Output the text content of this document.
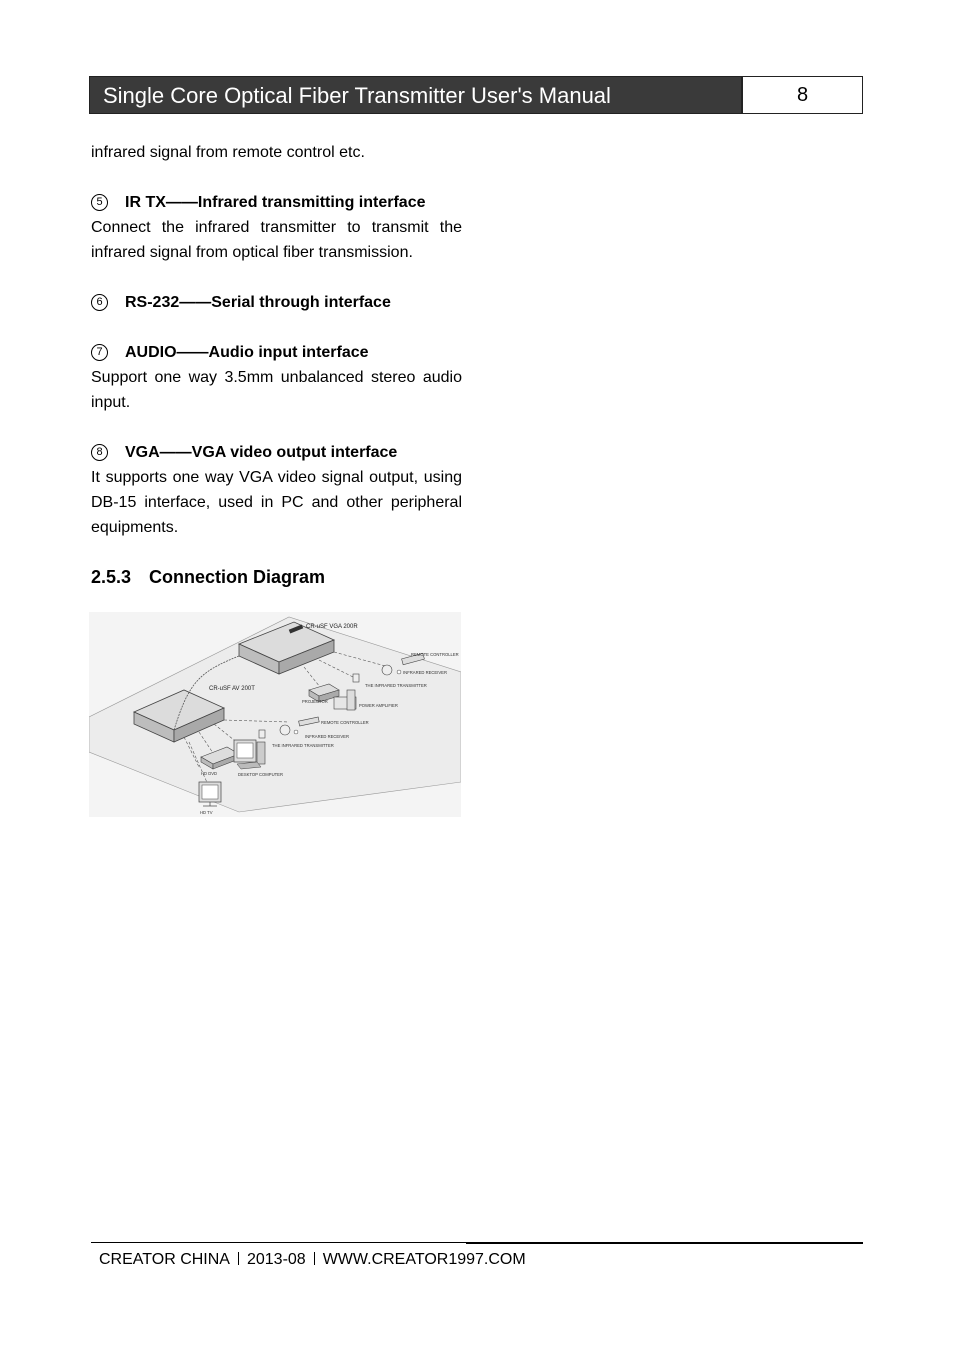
Single Core Optical Fiber Transmitter User's Manual	8

infrared signal from remote control etc.

5	IR TX——Infrared transmitting interface

Connect the infrared transmitter to transmit the infrared signal from optical fiber transmission.

6	RS-232——Serial through interface
7	AUDIO——Audio input interface

Support one way 3.5mm unbalanced stereo audio input.

8	VGA——VGA video output interface

It supports one way VGA video signal output, using DB-15 interface, used in PC and other peripheral equipments.

2.5.3 Connection Diagram
CR-uSF VGA 200R
CR-uSF AV 200T
REMOTE CONTROLLER
INFRARED RECEIVER
THE INFRARED TRANSMITTER
PROJECTOR
POWER AMPLIFIER
REMOTE CONTROLLER
INFRARED RECEIVER
THE INFRARED TRANSMITTER
HD DVD	DESKTOP COMPUTER
HD TV
CREATOR CHINA 2013-08 WWW.CREATOR1997.COM
